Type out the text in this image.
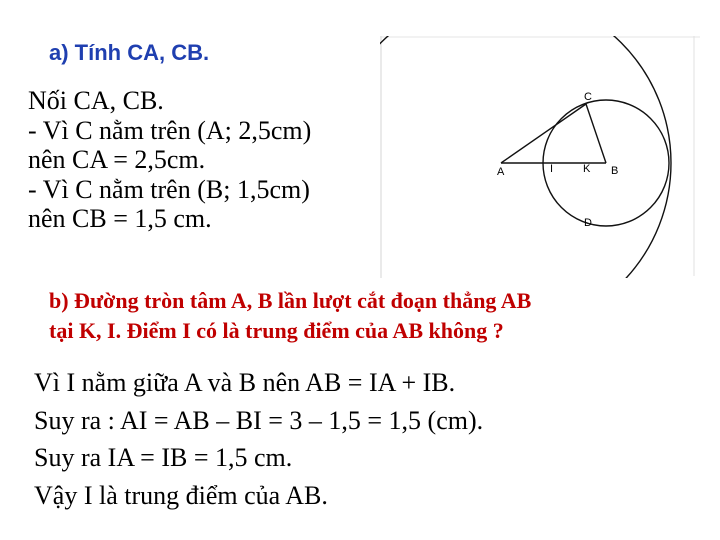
a) Tính CA, CB.
Nối CA, CB.
- Vì C nằm trên (A; 2,5cm)
nên CA = 2,5cm.
- Vì C nằm trên (B; 1,5cm)
nên CB = 1,5 cm.
A	B
C
D
I	K
b) Đường tròn tâm A, B lần lượt cắt đoạn thẳng AB
tại K, I. Điểm I có là trung điểm của AB không ?
Vì I nằm giữa A và B nên AB = IA + IB.
Suy ra : AI = AB – BI = 3 – 1,5 = 1,5 (cm).
Suy ra IA = IB = 1,5 cm.
Vậy I là trung điểm của AB.
